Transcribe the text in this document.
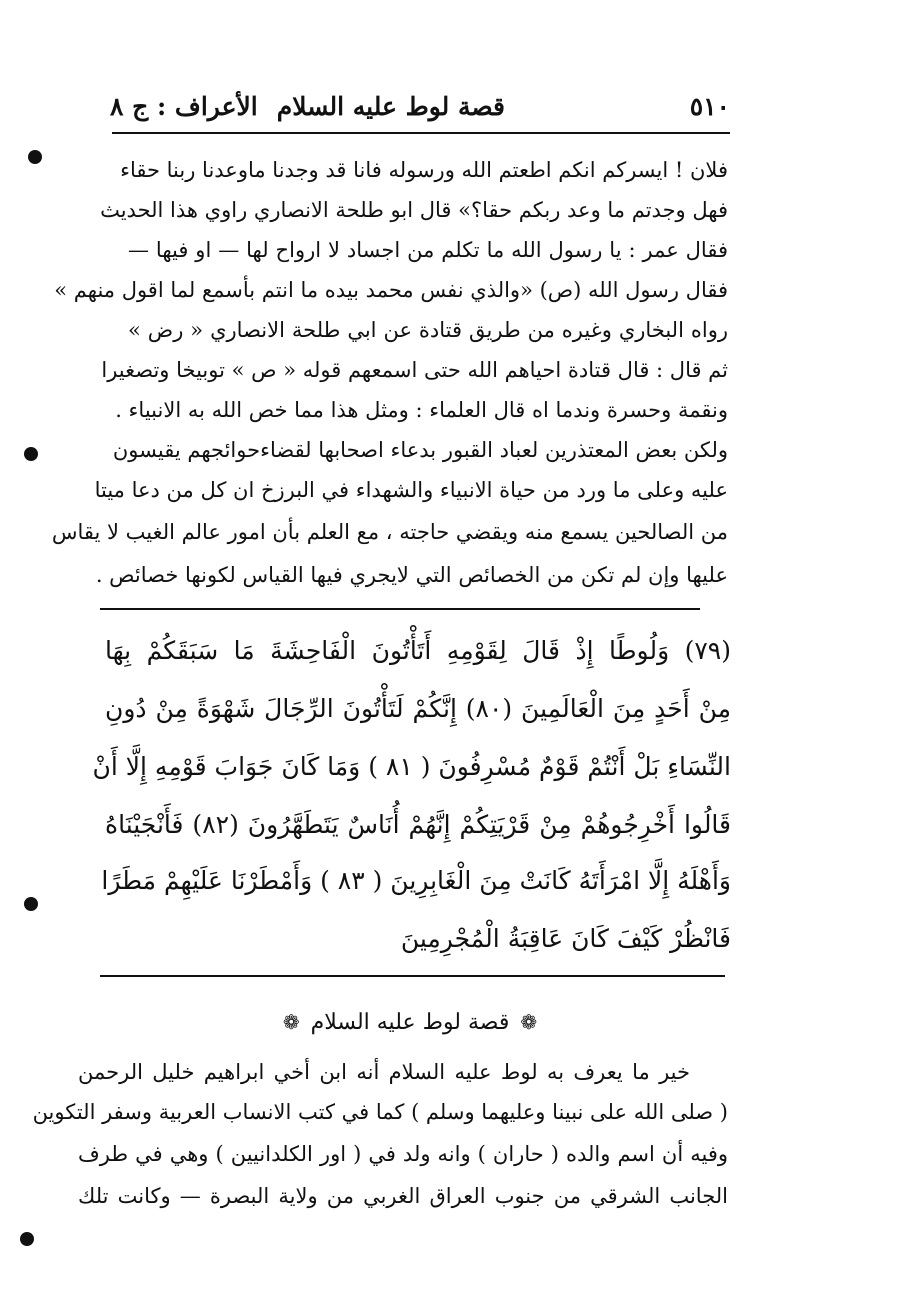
٥١٠
قصة لوط عليه السلام
الأعراف : ج ٨
فلان ! ايسركم انكم اطعتم الله ورسوله فانا قد وجدنا ماوعدنا ربنا حقاء
فهل وجدتم ما وعد ربكم حقا؟» قال ابو طلحة الانصاري راوي هذا الحديث
فقال عمر : يا رسول الله ما تكلم من اجساد لا ارواح لها — او فيها —
فقال رسول الله (ص) «والذي نفس محمد بيده ما انتم بأسمع لما اقول منهم »
رواه البخاري وغيره من طريق قتادة عن ابي طلحة الانصاري « رض »
ثم قال : قال قتادة احياهم الله حتى اسمعهم قوله « ص » توبيخا وتصغيرا
ونقمة وحسرة وندما اه قال العلماء : ومثل هذا مما خص الله به الانبياء .
ولكن بعض المعتذرين لعباد القبور بدعاء اصحابها لقضاءحوائجهم يقيسون
عليه وعلى ما ورد من حياة الانبياء والشهداء في البرزخ ان كل من دعا ميتا
من الصالحين يسمع منه ويقضي حاجته ، مع العلم بأن امور عالم الغيب لا يقاس
عليها وإن لم تكن من الخصائص التي لايجري فيها القياس لكونها خصائص .
(٧٩) وَلُوطًا إِذْ قَالَ لِقَوْمِهِ أَتَأْتُونَ الْفَاحِشَةَ مَا سَبَقَكُمْ بِهَا
مِنْ أَحَدٍ مِنَ الْعَالَمِينَ (٨٠) إِنَّكُمْ لَتَأْتُونَ الرِّجَالَ شَهْوَةً مِنْ دُونِ
النِّسَاءِ بَلْ أَنْتُمْ قَوْمٌ مُسْرِفُونَ ( ٨١ ) وَمَا كَانَ جَوَابَ قَوْمِهِ إِلَّا أَنْ
قَالُوا أَخْرِجُوهُمْ مِنْ قَرْيَتِكُمْ إِنَّهُمْ أُنَاسٌ يَتَطَهَّرُونَ (٨٢) فَأَنْجَيْنَاهُ
وَأَهْلَهُ إِلَّا امْرَأَتَهُ كَانَتْ مِنَ الْغَابِرِينَ ( ٨٣ ) وَأَمْطَرْنَا عَلَيْهِمْ مَطَرًا
فَانْظُرْ كَيْفَ كَانَ عَاقِبَةُ الْمُجْرِمِينَ
❁ قصة لوط عليه السلام ❁
خير ما يعرف به لوط عليه السلام أنه ابن أخي ابراهيم خليل الرحمن
( صلى الله على نبينا وعليهما وسلم ) كما في كتب الانساب العربية وسفر التكوين
وفيه أن اسم والده ( حاران ) وانه ولد في ( اور الكلدانيين ) وهي في طرف
الجانب الشرقي من جنوب العراق الغربي من ولاية البصرة — وكانت تلك
